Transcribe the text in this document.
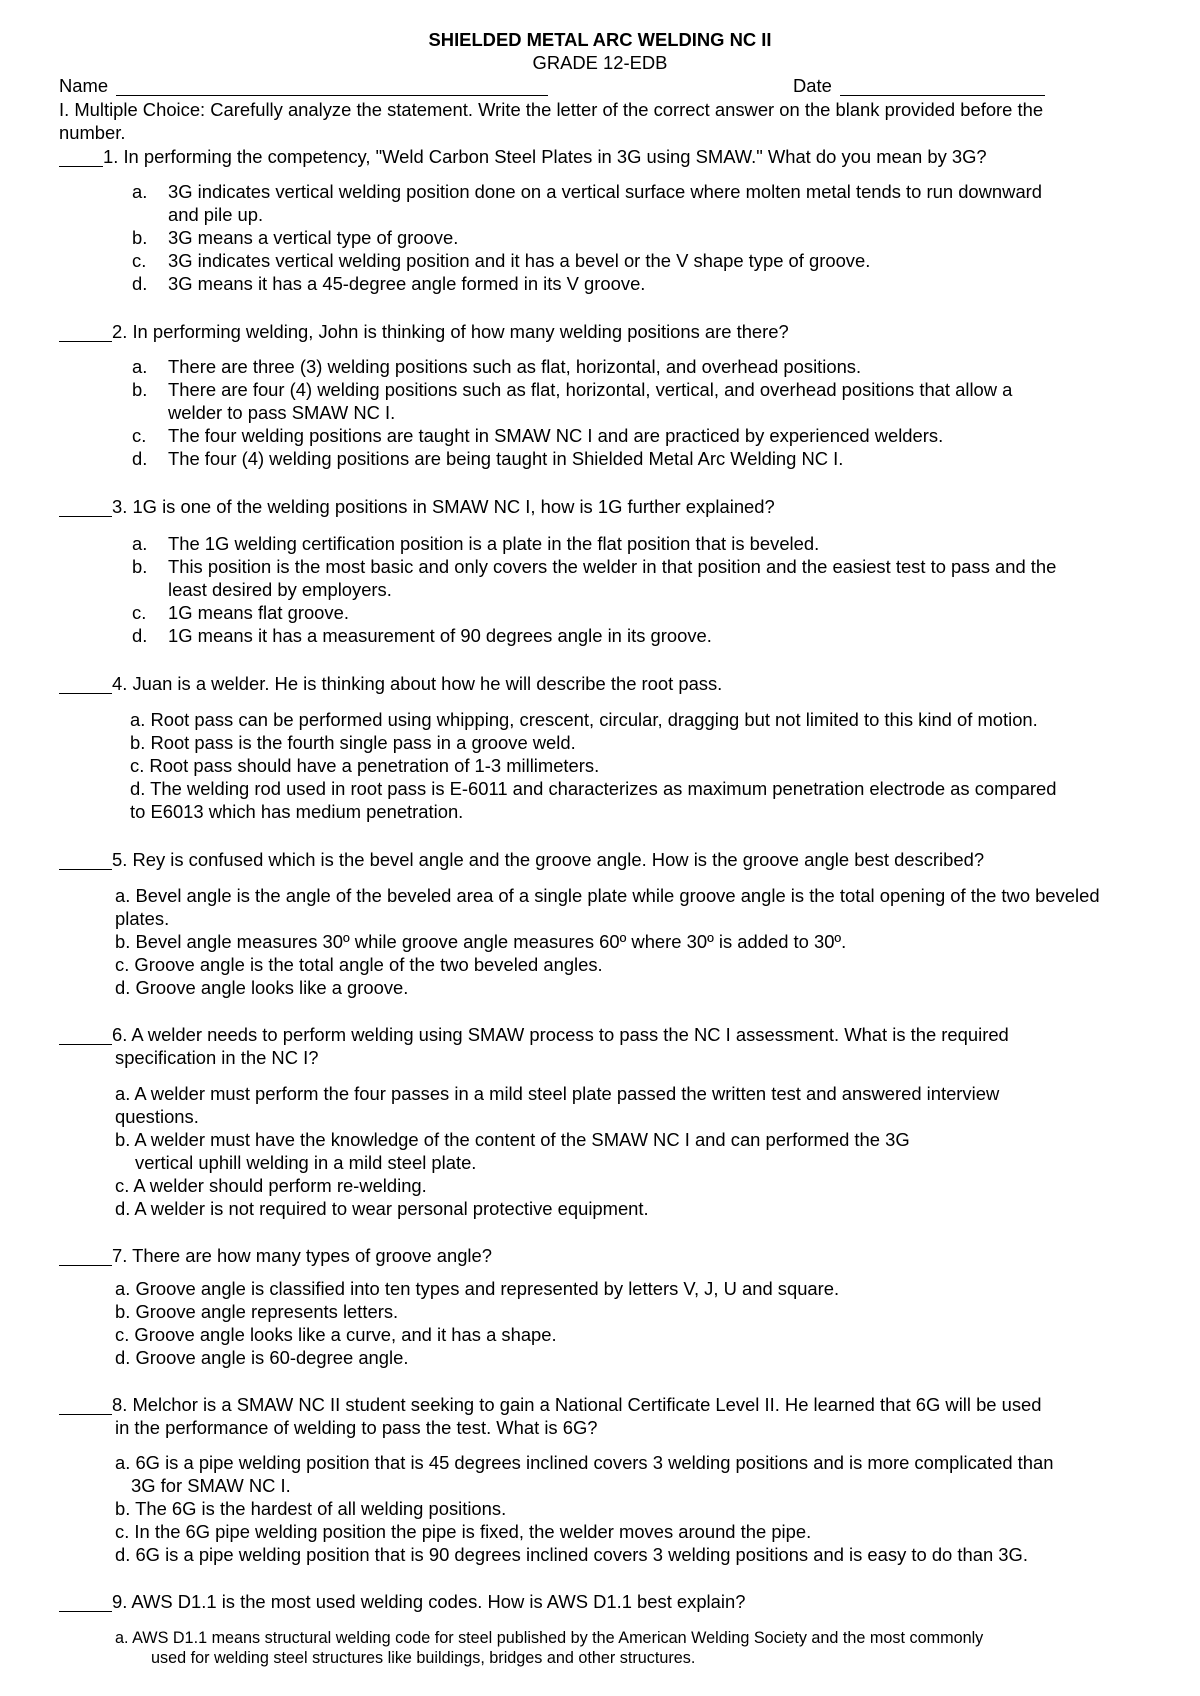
SHIELDED METAL ARC WELDING NC II
GRADE 12-EDB
Name	Date
I. Multiple Choice: Carefully analyze the statement. Write the letter of the correct answer on the blank provided before the
number.
1. In performing the competency, "Weld Carbon Steel Plates in 3G using SMAW." What do you mean by 3G?
a. 3G indicates vertical welding position done on a vertical surface where molten metal tends to run downward
and pile up.
b. 3G means a vertical type of groove.
c. 3G indicates vertical welding position and it has a bevel or the V shape type of groove.
d. 3G means it has a 45-degree angle formed in its V groove.
2. In performing welding, John is thinking of how many welding positions are there?
a. There are three (3) welding positions such as flat, horizontal, and overhead positions.
b. There are four (4) welding positions such as flat, horizontal, vertical, and overhead positions that allow a
welder to pass SMAW NC I.
c. The four welding positions are taught in SMAW NC I and are practiced by experienced welders.
d. The four (4) welding positions are being taught in Shielded Metal Arc Welding NC I.
3. 1G is one of the welding positions in SMAW NC I, how is 1G further explained?
a. The 1G welding certification position is a plate in the flat position that is beveled.
b. This position is the most basic and only covers the welder in that position and the easiest test to pass and the
least desired by employers.
c. 1G means flat groove.
d. 1G means it has a measurement of 90 degrees angle in its groove.
4. Juan is a welder. He is thinking about how he will describe the root pass.
a. Root pass can be performed using whipping, crescent, circular, dragging but not limited to this kind of motion.
b. Root pass is the fourth single pass in a groove weld.
c. Root pass should have a penetration of 1-3 millimeters.
d. The welding rod used in root pass is E-6011 and characterizes as maximum penetration electrode as compared
to E6013 which has medium penetration.
5. Rey is confused which is the bevel angle and the groove angle. How is the groove angle best described?
a. Bevel angle is the angle of the beveled area of a single plate while groove angle is the total opening of the two beveled
plates.
b. Bevel angle measures 30º while groove angle measures 60º where 30º is added to 30º.
c. Groove angle is the total angle of the two beveled angles.
d. Groove angle looks like a groove.
6. A welder needs to perform welding using SMAW process to pass the NC I assessment. What is the required
specification in the NC I?
a. A welder must perform the four passes in a mild steel plate passed the written test and answered interview
questions.
b. A welder must have the knowledge of the content of the SMAW NC I and can performed the 3G
vertical uphill welding in a mild steel plate.
c. A welder should perform re-welding.
d. A welder is not required to wear personal protective equipment.
7. There are how many types of groove angle?
a. Groove angle is classified into ten types and represented by letters V, J, U and square.
b. Groove angle represents letters.
c. Groove angle looks like a curve, and it has a shape.
d. Groove angle is 60-degree angle.
8. Melchor is a SMAW NC II student seeking to gain a National Certificate Level II. He learned that 6G will be used
in the performance of welding to pass the test. What is 6G?
a. 6G is a pipe welding position that is 45 degrees inclined covers 3 welding positions and is more complicated than
3G for SMAW NC I.
b. The 6G is the hardest of all welding positions.
c. In the 6G pipe welding position the pipe is fixed, the welder moves around the pipe.
d. 6G is a pipe welding position that is 90 degrees inclined covers 3 welding positions and is easy to do than 3G.
9. AWS D1.1 is the most used welding codes. How is AWS D1.1 best explain?
a. AWS D1.1 means structural welding code for steel published by the American Welding Society and the most commonly
used for welding steel structures like buildings, bridges and other structures.
